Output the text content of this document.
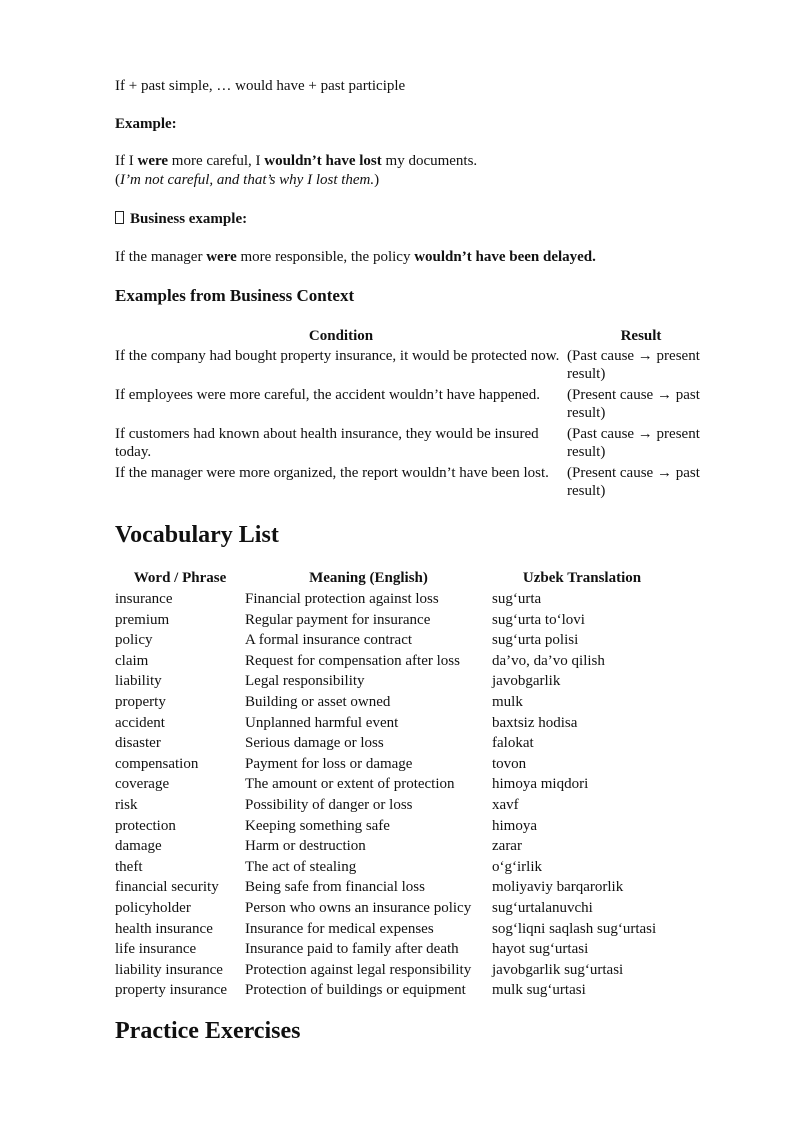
If + past simple, … would have + past participle

Example:

If I were more careful, I wouldn’t have lost my documents.

(I’m not careful, and that’s why I lost them.)

Business example:

If the manager were more responsible, the policy wouldn’t have been delayed.

Examples from Business Context
Condition	Result
If the company had bought property insurance, it would be protected now.	(Past cause → present result)
If employees were more careful, the accident wouldn’t have happened.	(Present cause → past result)
If customers had known about health insurance, they would be insured today.	(Past cause → present result)
If the manager were more organized, the report wouldn’t have been lost.	(Present cause → past result)
Vocabulary List
Word / Phrase	Meaning (English)	Uzbek Translation
insurance	Financial protection against loss	sug‘urta
premium	Regular payment for insurance	sug‘urta to‘lovi
policy	A formal insurance contract	sug‘urta polisi
claim	Request for compensation after loss	da’vo, da’vo qilish
liability	Legal responsibility	javobgarlik
property	Building or asset owned	mulk
accident	Unplanned harmful event	baxtsiz hodisa
disaster	Serious damage or loss	falokat
compensation	Payment for loss or damage	tovon
coverage	The amount or extent of protection	himoya miqdori
risk	Possibility of danger or loss	xavf
protection	Keeping something safe	himoya
damage	Harm or destruction	zarar
theft	The act of stealing	o‘g‘irlik
financial security	Being safe from financial loss	moliyaviy barqarorlik
policyholder	Person who owns an insurance policy	sug‘urtalanuvchi
health insurance	Insurance for medical expenses	sog‘liqni saqlash sug‘urtasi
life insurance	Insurance paid to family after death	hayot sug‘urtasi
liability insurance	Protection against legal responsibility	javobgarlik sug‘urtasi
property insurance	Protection of buildings or equipment	mulk sug‘urtasi
Practice Exercises
